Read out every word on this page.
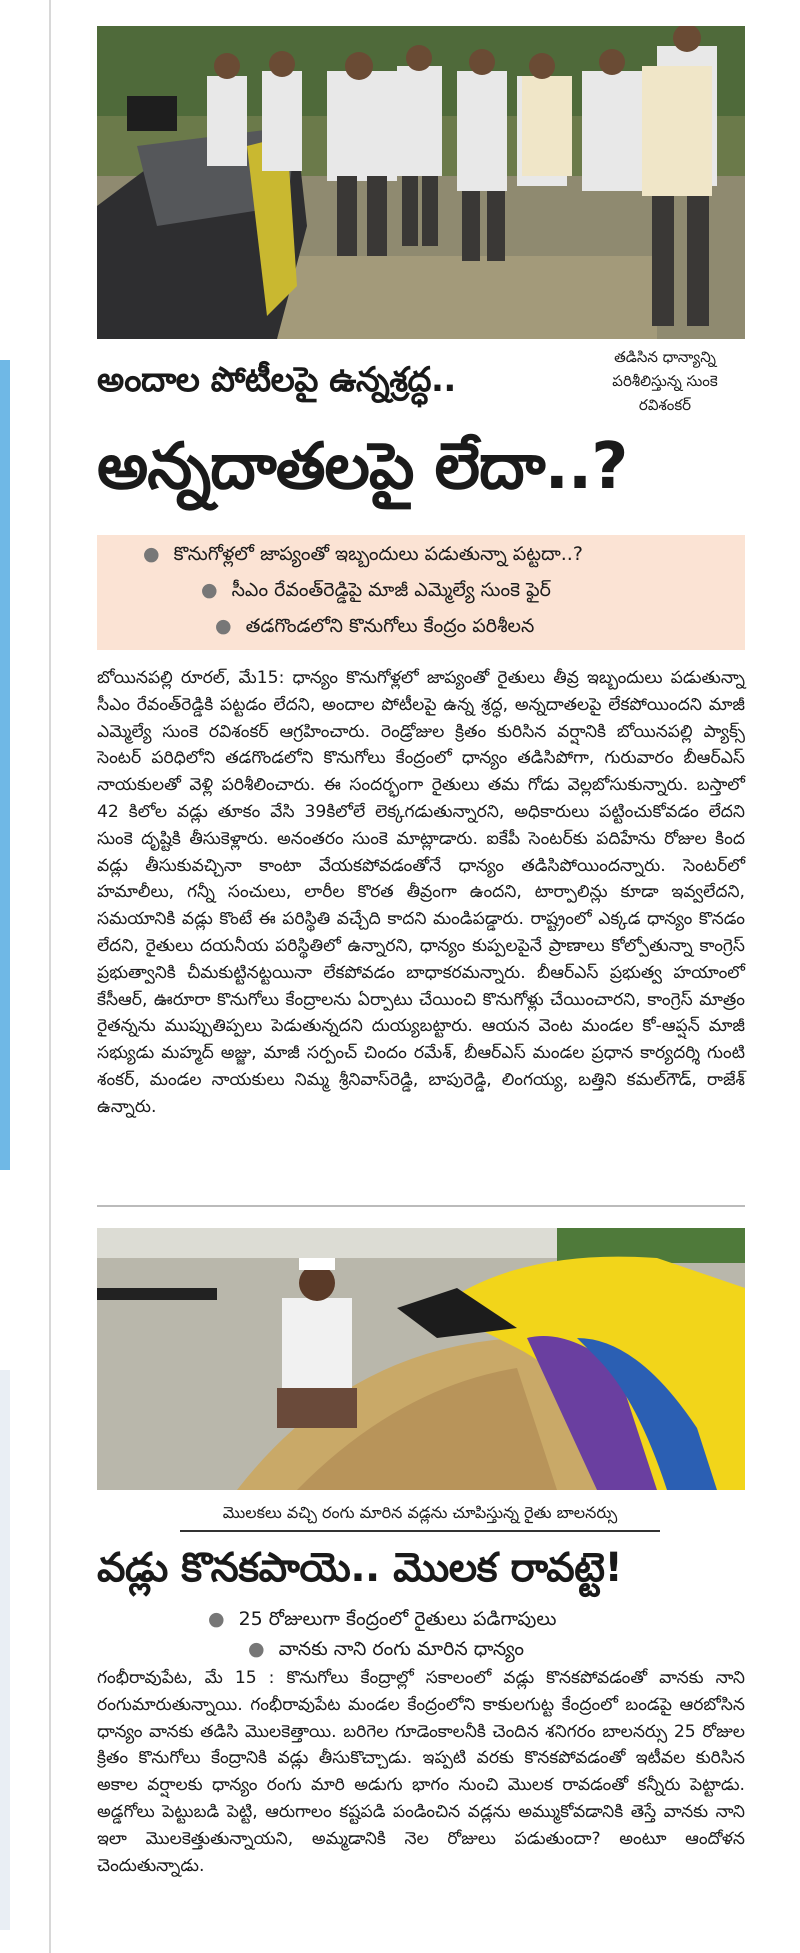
తడిసిన ధాన్యాన్ని పరిశీలిస్తున్న సుంకె రవిశంకర్
అందాల పోటీలపై ఉన్నశ్రద్ధ..
అన్నదాతలపై లేదా..?
● కొనుగోళ్లలో జాప్యంతో ఇబ్బందులు పడుతున్నా పట్టదా..?
● సీఎం రేవంత్‌రెడ్డిపై మాజీ ఎమ్మెల్యే సుంకె ఫైర్
● తడగొండలోని కొనుగోలు కేంద్రం పరిశీలన
బోయినపల్లి రూరల్, మే15: ధాన్యం కొనుగోళ్లలో జాప్యంతో రైతులు తీవ్ర ఇబ్బందులు పడుతున్నా సీఎం రేవంత్‌రెడ్డికి పట్టడం లేదని, అందాల పోటీలపై ఉన్న శ్రద్ధ, అన్నదాతలపై లేకపోయిందని మాజీ ఎమ్మెల్యే సుంకె రవిశంకర్ ఆగ్రహించారు. రెండ్రోజుల క్రితం కురిసిన వర్షానికి బోయినపల్లి ప్యాక్స్ సెంటర్ పరిధిలోని తడగొండలోని కొనుగోలు కేంద్రంలో ధాన్యం తడిసిపోగా, గురువారం బీఆర్ఎస్ నాయకులతో వెళ్లి పరిశీలించారు. ఈ సందర్భంగా రైతులు తమ గోడు వెల్లబోసుకున్నారు. బస్తాలో 42 కిలోల వడ్లు తూకం వేసి 39కిలోలే లెక్కగడుతున్నారని, అధికారులు పట్టించుకోవడం లేదని సుంకె దృష్టికి తీసుకెళ్లారు. అనంతరం సుంకె మాట్లాడారు. ఐకేపీ సెంటర్‌కు పదిహేను రోజుల కింద వడ్లు తీసుకువచ్చినా కాంటా వేయకపోవడంతోనే ధాన్యం తడిసిపోయిందన్నారు. సెంటర్‌లో హమాలీలు, గన్నీ సంచులు, లారీల కొరత తీవ్రంగా ఉందని, టార్పాలిన్లు కూడా ఇవ్వలేదని, సమయానికి వడ్లు కొంటే ఈ పరిస్థితి వచ్చేది కాదని మండిపడ్డారు. రాష్ట్రంలో ఎక్కడ ధాన్యం కొనడం లేదని, రైతులు దయనీయ పరిస్థితిలో ఉన్నారని, ధాన్యం కుప్పలపైనే ప్రాణాలు కోల్పోతున్నా కాంగ్రెస్ ప్రభుత్వానికి చీమకుట్టినట్టయినా లేకపోవడం బాధాకరమన్నారు. బీఆర్ఎస్ ప్రభుత్వ హయాంలో కేసీఆర్, ఊరూరా కొనుగోలు కేంద్రాలను ఏర్పాటు చేయించి కొనుగోళ్లు చేయించారని, కాంగ్రెస్ మాత్రం రైతన్నను ముప్పుతిప్పలు పెడుతున్నదని దుయ్యబట్టారు. ఆయన వెంట మండల కో-ఆప్షన్ మాజీ సభ్యుడు మహ్మద్ అజ్జు, మాజీ సర్పంచ్ చిందం రమేశ్, బీఆర్ఎస్ మండల ప్రధాన కార్యదర్శి గుంటి శంకర్, మండల నాయకులు నిమ్మ శ్రీనివాస్‌రెడ్డి, బాపురెడ్డి, లింగయ్య, బత్తిని కమల్‌గౌడ్, రాజేశ్ ఉన్నారు.
మొలకలు వచ్చి రంగు మారిన వడ్లను చూపిస్తున్న రైతు బాలనర్సు
వడ్లు కొనకపాయె.. మొలక రావట్టె!
● 25 రోజులుగా కేంద్రంలో రైతులు పడిగాపులు
● వానకు నాని రంగు మారిన ధాన్యం
గంభీరావుపేట, మే 15 : కొనుగోలు కేంద్రాల్లో సకాలంలో వడ్లు కొనకపోవడంతో వానకు నాని రంగుమారుతున్నాయి. గంభీరావుపేట మండల కేంద్రంలోని కాకులగుట్ట కేంద్రంలో బండపై ఆరబోసిన ధాన్యం వానకు తడిసి మొలకెత్తాయి. బరిగెల గూడెంకాలనీకి చెందిన శనిగరం బాలనర్సు 25 రోజుల క్రితం కొనుగోలు కేంద్రానికి వడ్లు తీసుకొచ్చాడు. ఇప్పటి వరకు కొనకపోవడంతో ఇటీవల కురిసిన అకాల వర్షాలకు ధాన్యం రంగు మారి అడుగు భాగం నుంచి మొలక రావడంతో కన్నీరు పెట్టాడు. అడ్డగోలు పెట్టుబడి పెట్టి, ఆరుగాలం కష్టపడి పండించిన వడ్లను అమ్ముకోవడానికి తెస్తే వానకు నాని ఇలా మొలకెత్తుతున్నాయని, అమ్మడానికి నెల రోజులు పడుతుందా? అంటూ ఆందోళన చెందుతున్నాడు.
